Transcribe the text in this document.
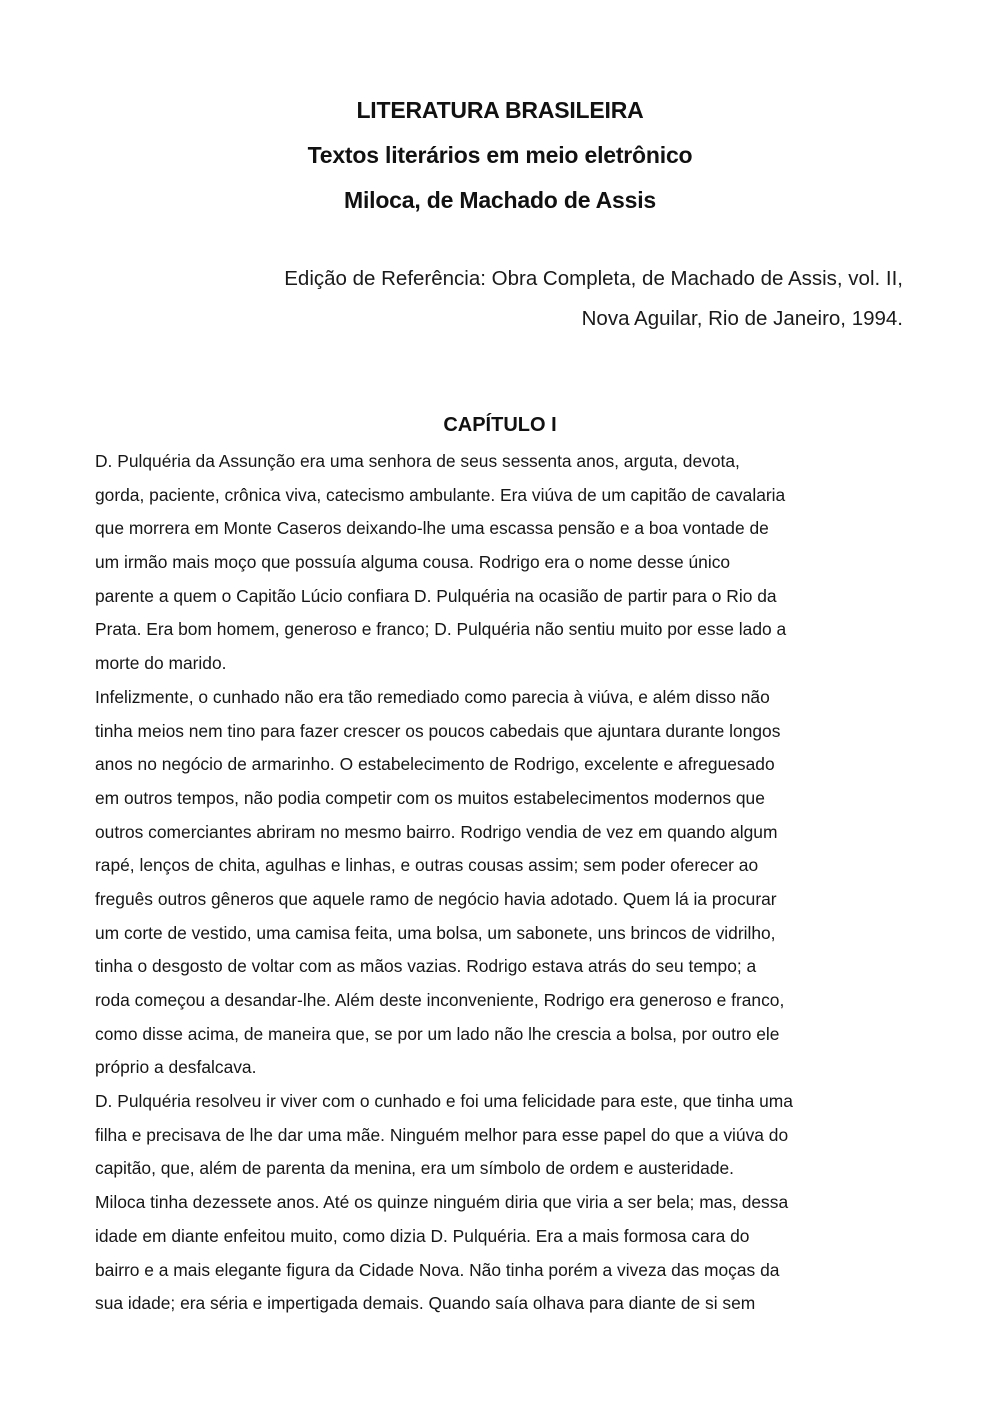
LITERATURA BRASILEIRA
Textos literários em meio eletrônico
Miloca, de Machado de Assis
Edição de Referência: Obra Completa, de Machado de Assis, vol. II,
Nova Aguilar, Rio de Janeiro, 1994.
CAPÍTULO I
D. Pulquéria da Assunção era uma senhora de seus sessenta anos, arguta, devota,
gorda, paciente, crônica viva, catecismo ambulante. Era viúva de um capitão de cavalaria
que morrera em Monte Caseros deixando-lhe uma escassa pensão e a boa vontade de
um irmão mais moço que possuía alguma cousa. Rodrigo era o nome desse único
parente a quem o Capitão Lúcio confiara D. Pulquéria na ocasião de partir para o Rio da
Prata. Era bom homem, generoso e franco; D. Pulquéria não sentiu muito por esse lado a
morte do marido.
Infelizmente, o cunhado não era tão remediado como parecia à viúva, e além disso não
tinha meios nem tino para fazer crescer os poucos cabedais que ajuntara durante longos
anos no negócio de armarinho. O estabelecimento de Rodrigo, excelente e afreguesado
em outros tempos, não podia competir com os muitos estabelecimentos modernos que
outros comerciantes abriram no mesmo bairro. Rodrigo vendia de vez em quando algum
rapé, lenços de chita, agulhas e linhas, e outras cousas assim; sem poder oferecer ao
freguês outros gêneros que aquele ramo de negócio havia adotado. Quem lá ia procurar
um corte de vestido, uma camisa feita, uma bolsa, um sabonete, uns brincos de vidrilho,
tinha o desgosto de voltar com as mãos vazias. Rodrigo estava atrás do seu tempo; a
roda começou a desandar-lhe. Além deste inconveniente, Rodrigo era generoso e franco,
como disse acima, de maneira que, se por um lado não lhe crescia a bolsa, por outro ele
próprio a desfalcava.
D. Pulquéria resolveu ir viver com o cunhado e foi uma felicidade para este, que tinha uma
filha e precisava de lhe dar uma mãe. Ninguém melhor para esse papel do que a viúva do
capitão, que, além de parenta da menina, era um símbolo de ordem e austeridade.
Miloca tinha dezessete anos. Até os quinze ninguém diria que viria a ser bela; mas, dessa
idade em diante enfeitou muito, como dizia D. Pulquéria. Era a mais formosa cara do
bairro e a mais elegante figura da Cidade Nova. Não tinha porém a viveza das moças da
sua idade; era séria e impertigada demais. Quando saía olhava para diante de si sem
